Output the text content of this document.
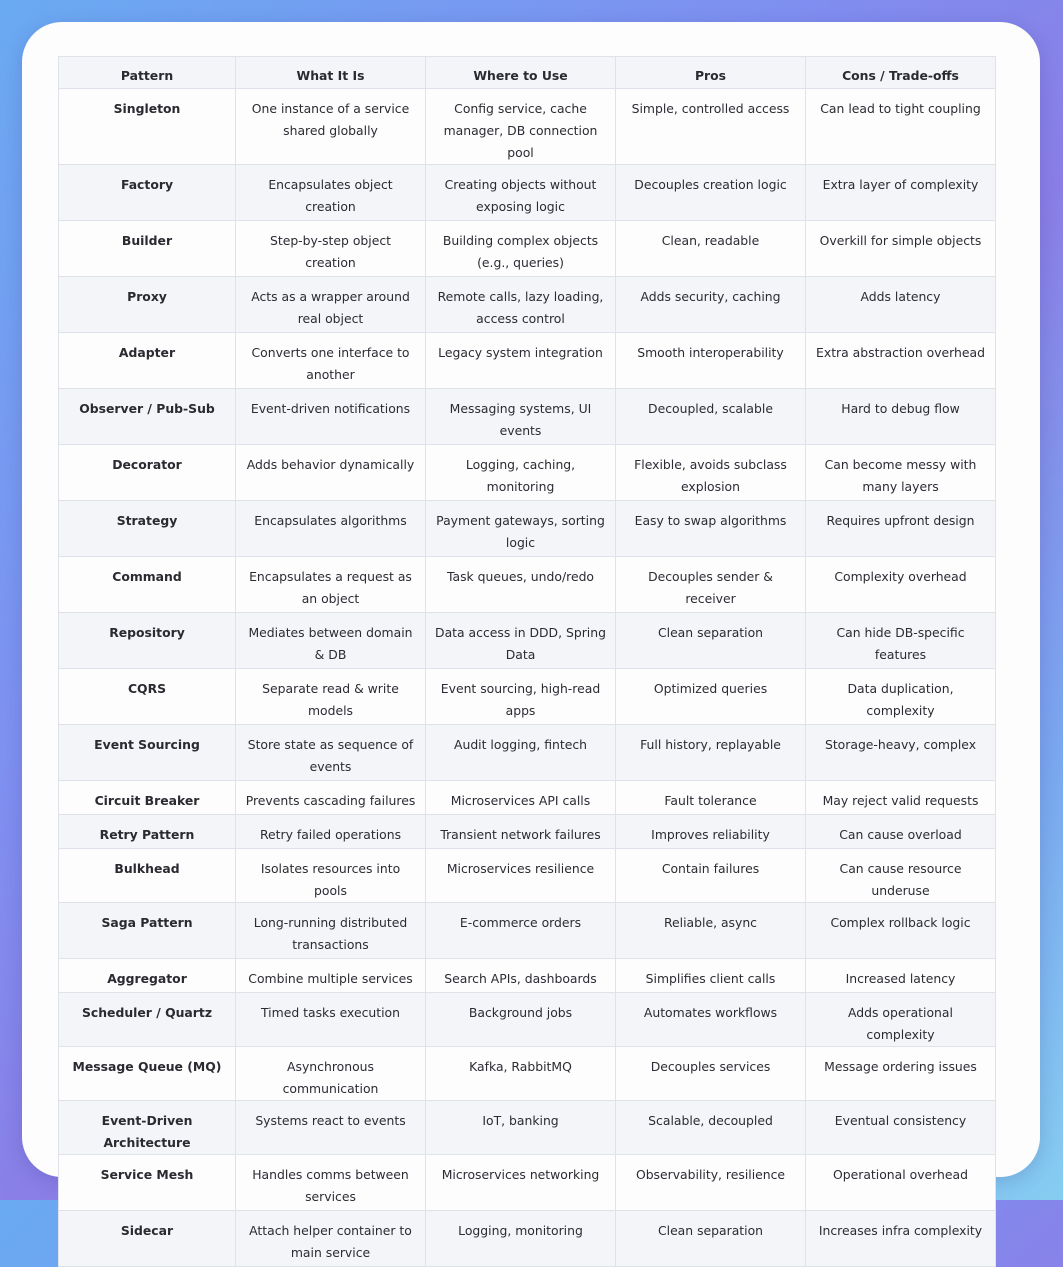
Pattern	What It Is	Where to Use	Pros	Cons / Trade-offs
Singleton	One instance of a service shared globally	Config service, cache manager, DB connection pool	Simple, controlled access	Can lead to tight coupling
Factory	Encapsulates object creation	Creating objects without exposing logic	Decouples creation logic	Extra layer of complexity
Builder	Step-by-step object creation	Building complex objects (e.g., queries)	Clean, readable	Overkill for simple objects
Proxy	Acts as a wrapper around real object	Remote calls, lazy loading, access control	Adds security, caching	Adds latency
Adapter	Converts one interface to another	Legacy system integration	Smooth interoperability	Extra abstraction overhead
Observer / Pub-Sub	Event-driven notifications	Messaging systems, UI events	Decoupled, scalable	Hard to debug flow
Decorator	Adds behavior dynamically	Logging, caching, monitoring	Flexible, avoids subclass explosion	Can become messy with many layers
Strategy	Encapsulates algorithms	Payment gateways, sorting logic	Easy to swap algorithms	Requires upfront design
Command	Encapsulates a request as an object	Task queues, undo/redo	Decouples sender & receiver	Complexity overhead
Repository	Mediates between domain & DB	Data access in DDD, Spring Data	Clean separation	Can hide DB-specific features
CQRS	Separate read & write models	Event sourcing, high-read apps	Optimized queries	Data duplication, complexity
Event Sourcing	Store state as sequence of events	Audit logging, fintech	Full history, replayable	Storage-heavy, complex
Circuit Breaker	Prevents cascading failures	Microservices API calls	Fault tolerance	May reject valid requests
Retry Pattern	Retry failed operations	Transient network failures	Improves reliability	Can cause overload
Bulkhead	Isolates resources into pools	Microservices resilience	Contain failures	Can cause resource underuse
Saga Pattern	Long-running distributed transactions	E-commerce orders	Reliable, async	Complex rollback logic
Aggregator	Combine multiple services	Search APIs, dashboards	Simplifies client calls	Increased latency
Scheduler / Quartz	Timed tasks execution	Background jobs	Automates workflows	Adds operational complexity
Message Queue (MQ)	Asynchronous communication	Kafka, RabbitMQ	Decouples services	Message ordering issues
Event-Driven Architecture	Systems react to events	IoT, banking	Scalable, decoupled	Eventual consistency
Service Mesh	Handles comms between services	Microservices networking	Observability, resilience	Operational overhead
Sidecar	Attach helper container to main service	Logging, monitoring	Clean separation	Increases infra complexity
